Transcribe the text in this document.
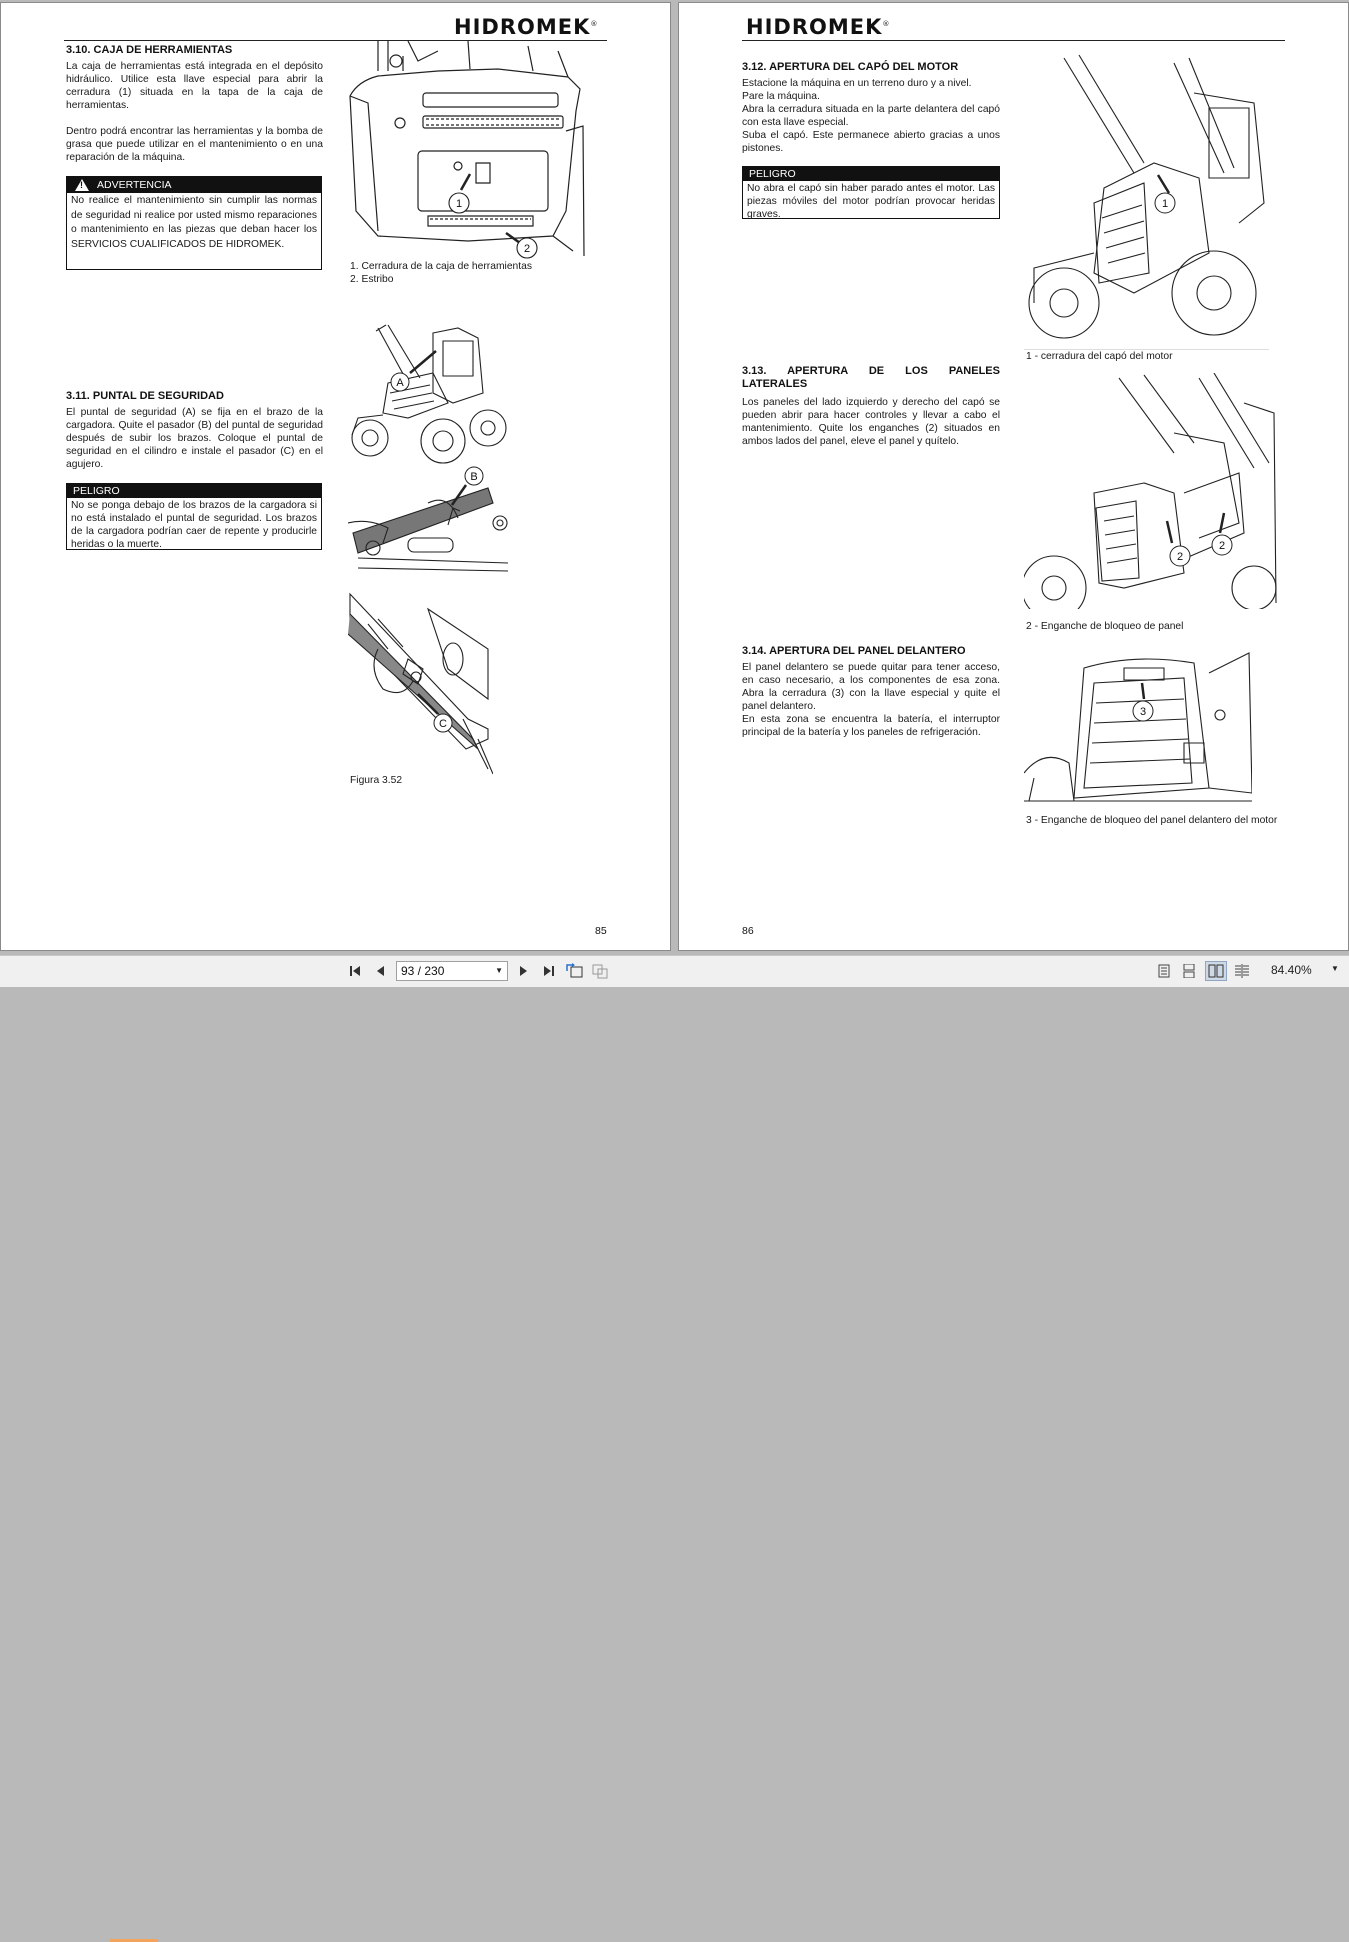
HIDROMEK®
3.10. CAJA DE HERRAMIENTAS
La caja de herramientas está integrada en el depósito hidráulico. Utilice esta llave especial para abrir la cerradura (1) situada en la tapa de la caja de herramientas.
Dentro podrá encontrar las herramientas y la bomba de grasa que puede utilizar en el mantenimiento o en una reparación de la máquina.
!
ADVERTENCIA
No realice el mantenimiento sin cumplir las normas de seguridad ni realice por usted mismo reparaciones o mantenimiento en las piezas que deban hacer los SERVICIOS CUALIFICADOS DE HIDROMEK.
1
2
1. Cerradura de la caja de herramientas
2. Estribo
3.11. PUNTAL DE SEGURIDAD
El puntal de seguridad (A) se fija en el brazo de la cargadora. Quite el pasador (B) del puntal de seguridad después de subir los brazos. Coloque el puntal de seguridad en el cilindro e instale el pasador (C) en el agujero.
PELIGRO
No se ponga debajo de los brazos de la cargadora si no está instalado el puntal de seguridad. Los brazos de la cargadora podrían caer de repente y producirle heridas o la muerte.
A
B
C
Figura 3.52
85
HIDROMEK®
3.12. APERTURA DEL CAPÓ DEL MOTOR
Estacione la máquina en un terreno duro y a nivel.
Pare la máquina.
Abra la cerradura situada en la parte delantera del capó con esta llave especial.
Suba el capó. Este permanece abierto gracias a unos pistones.
PELIGRO
No abra el capó sin haber parado antes el motor. Las piezas móviles del motor podrían provocar heridas graves.
1
1 - cerradura del capó del motor
3.13. APERTURA DE LOS PANELES
LATERALES
Los paneles del lado izquierdo y derecho del capó se pueden abrir para hacer controles y llevar a cabo el mantenimiento. Quite los enganches (2) situados en ambos lados del panel, eleve el panel y quítelo.
2
2
2 - Enganche de bloqueo de panel
3.14. APERTURA DEL PANEL DELANTERO
El panel delantero se puede quitar para tener acceso, en caso necesario, a los componentes de esa zona. Abra la cerradura (3) con la llave especial y quite el panel delantero.
En esta zona se encuentra la batería, el interruptor principal de la batería y los paneles de refrigeración.
3
3 - Enganche de bloqueo del panel delantero del motor
86
93 / 230	▼	84.40% ▼
